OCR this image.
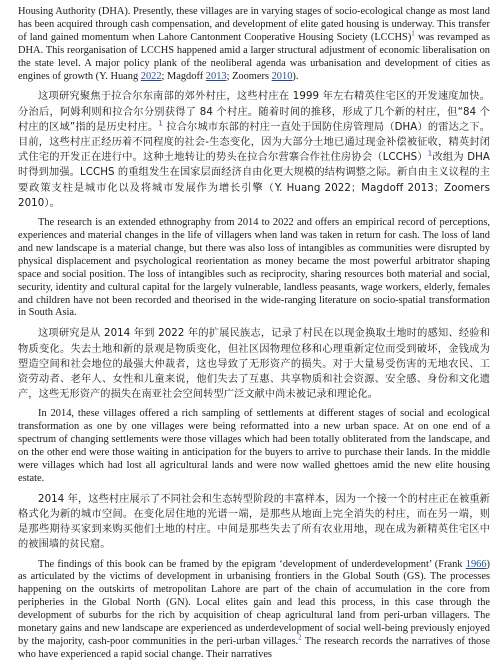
Housing Authority (DHA). Presently, these villages are in varying stages of socio-ecological change as most land has been acquired through cash compensation, and development of elite gated housing is underway. This transfer of land gained momentum when Lahore Cantonment Cooperative Housing Society (LCCHS)$^1$ was revamped as DHA. This reorganisation of LCCHS happened amid a larger structural adjustment of economic liberalisation on the state level. A major policy plank of the neoliberal agenda was urbanisation and development of cities as engines of growth (Y. Huang 2022; Magdoff 2013; Zoomers 2010).

这项研究聚焦于拉合尔东南部的郊外村庄，这些村庄在 1999 年左右精英住宅区的开发速度加快。分治后，阿姆利则和拉合尔分别获得了 84 个村庄。随着时间的推移，形成了几个新的村庄，但“84 个村庄的区域”指的是历史村庄。$^1$ 拉合尔城市东部的村庄一直处于国防住房管理局（DHA）的雷达之下。目前，这些村庄正经历着不同程度的社会-生态变化，因为大部分土地已通过现金补偿被征收，精英封闭式住宅的开发正在进行中。这种土地转让的势头在拉合尔营寨合作社住房协会（LCCHS）$^1$改组为 DHA 时得到加强。LCCHS 的重组发生在国家层面经济自由化更大规模的结构调整之际。新自由主义议程的主要政策支柱是城市化以及将城市发展作为增长引擎（Y. Huang 2022；Magdoff 2013；Zoomers 2010）。

The research is an extended ethnography from 2014 to 2022 and offers an empirical record of perceptions, experiences and material changes in the life of villagers when land was taken in return for cash. The loss of land and new landscape is a material change, but there was also loss of intangibles as communities were disrupted by physical displacement and psychological reorientation as money became the most powerful arbitrator shaping space and social position. The loss of intangibles such as reciprocity, sharing resources both material and social, security, identity and cultural capital for the largely vulnerable, landless peasants, wage workers, elderly, females and children have not been recorded and theorised in the wide-ranging literature on socio-spatial transformation in South Asia.

这项研究是从 2014 年到 2022 年的扩展民族志，记录了村民在以现金换取土地时的感知、经验和物质变化。失去土地和新的景观是物质变化，但社区因物理位移和心理重新定位而受到破坏，金钱成为塑造空间和社会地位的最强大仲裁者，这也导致了无形资产的损失。对于大量易受伤害的无地农民、工资劳动者、老年人、女性和儿童来说，他们失去了互惠、共享物质和社会资源、安全感、身份和文化遗产，这些无形资产的损失在南亚社会空间转型广泛文献中尚未被记录和理论化。

In 2014, these villages offered a rich sampling of settlements at different stages of social and ecological transformation as one by one villages were being reformatted into a new urban space. At on one end of a spectrum of changing settlements were those villages which had been totally obliterated from the landscape, and on the other end were those waiting in anticipation for the buyers to arrive to purchase their lands. In the middle were villages which had lost all agricultural lands and were now walled ghettoes amid the new elite housing estate.

2014 年，这些村庄展示了不同社会和生态转型阶段的丰富样本，因为一个接一个的村庄正在被重新格式化为新的城市空间。在变化居住地的光谱一端，是那些从地面上完全消失的村庄，而在另一端，则是那些期待买家到来购买他们土地的村庄。中间是那些失去了所有农业用地，现在成为新精英住宅区中的被围墙的贫民窟。

The findings of this book can be framed by the epigram ‘development of underdevelopment’ (Frank 1966) as articulated by the victims of development in urbanising frontiers in the Global South (GS). The processes happening on the outskirts of metropolitan Lahore are part of the chain of accumulation in the core from peripheries in the Global North (GN). Local elites gain and lead this process, in this case through the development of suburbs for the rich by acquisition of cheap agricultural land from peri-urban villagers. The monetary gains and new landscape are experienced as underdevelopment of social well-being previously enjoyed by the majority, cash-poor communities in the peri-urban villages.$^2$ The research records the narratives of those who have experienced a rapid social change. Their narratives
